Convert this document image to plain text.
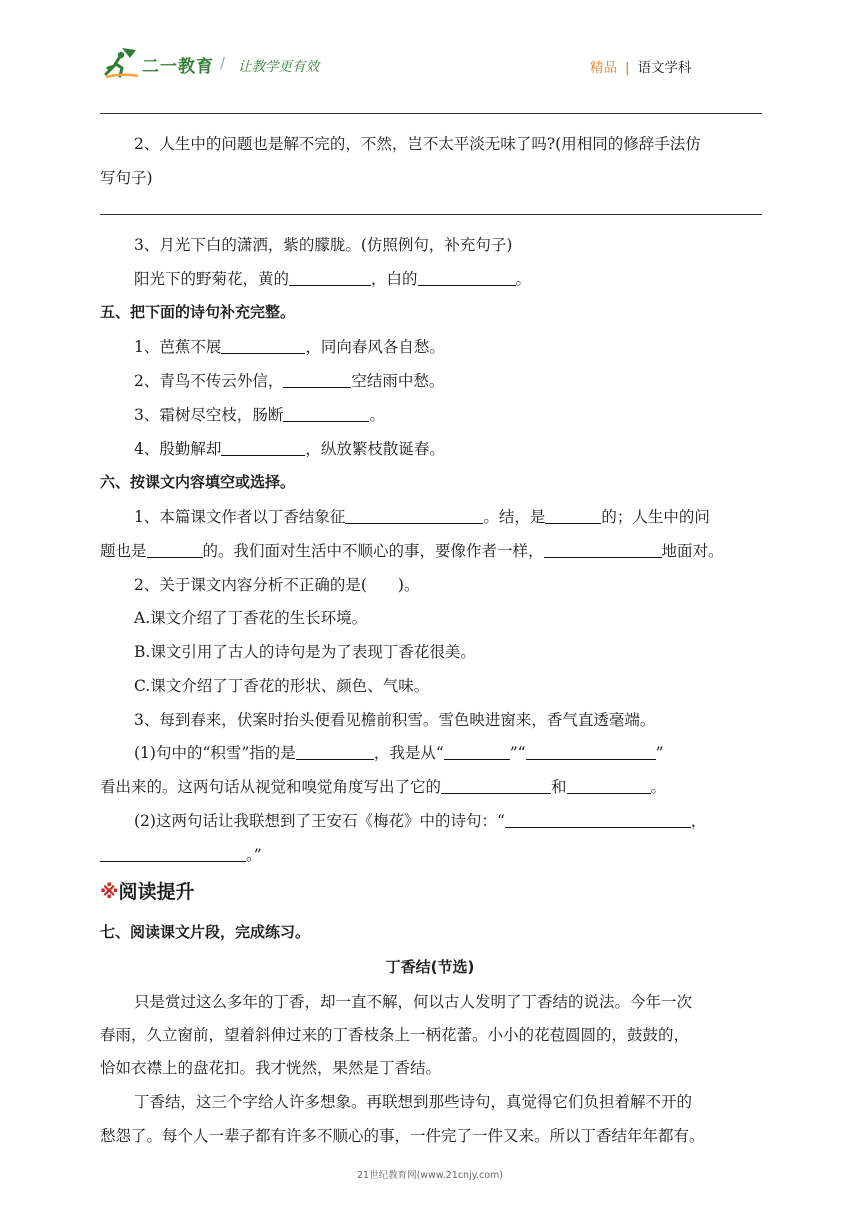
二一教育 / 让教学更有效	精品 | 语文学科
2、人生中的问题也是解不完的，不然，岂不太平淡无味了吗?(用相同的修辞手法仿
写句子)
3、月光下白的潇洒，紫的朦胧。(仿照例句，补充句子)
阳光下的野菊花，黄的	，白的	。
五、把下面的诗句补充完整。
1、芭蕉不展	，同向春风各自愁。
2、青鸟不传云外信，	空结雨中愁。
3、霜树尽空枝，肠断	。
4、殷勤解却	，纵放繁枝散诞春。
六、按课文内容填空或选择。
1、本篇课文作者以丁香结象征	。结，是	的；人生中的问
题也是	的。我们面对生活中不顺心的事，要像作者一样，	地面对。
2、关于课文内容分析不正确的是(　　)。
A.课文介绍了丁香花的生长环境。
B.课文引用了古人的诗句是为了表现丁香花很美。
C.课文介绍了丁香花的形状、颜色、气味。
3、每到春来，伏案时抬头便看见檐前积雪。雪色映进窗来，香气直透毫端。
(1)句中的“积雪”指的是	，我是从“	”“	”
看出来的。这两句话从视觉和嗅觉角度写出了它的	和	。
(2)这两句话让我联想到了王安石《梅花》中的诗句：“	，
。”
※阅读提升
七、阅读课文片段，完成练习。
丁香结(节选)
只是赏过这么多年的丁香，却一直不解，何以古人发明了丁香结的说法。今年一次
春雨，久立窗前，望着斜伸过来的丁香枝条上一柄花蕾。小小的花苞圆圆的，鼓鼓的，
恰如衣襟上的盘花扣。我才恍然，果然是丁香结。
丁香结，这三个字给人许多想象。再联想到那些诗句，真觉得它们负担着解不开的
愁怨了。每个人一辈子都有许多不顺心的事，一件完了一件又来。所以丁香结年年都有。
21世纪教育网(www.21cnjy.com)
